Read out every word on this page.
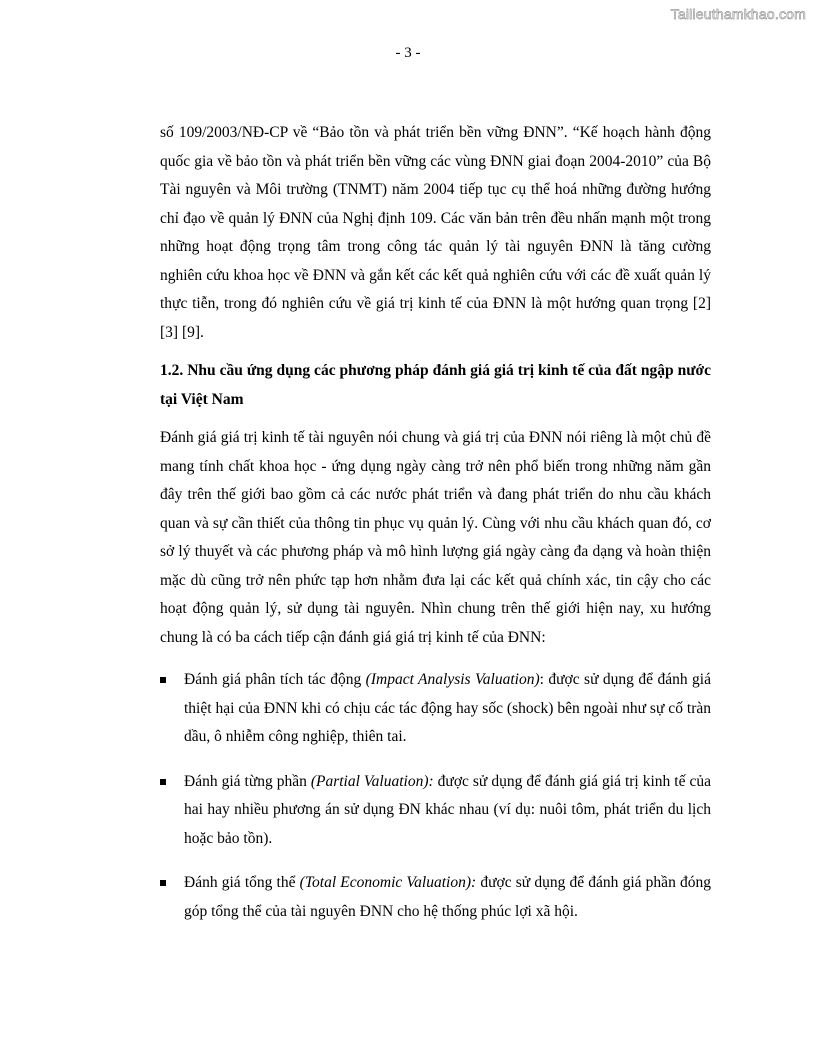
Tailieuthamkhao.com
- 3 -

số 109/2003/NĐ-CP về “Bảo tồn và phát triển bền vững ĐNN”. “Kế hoạch hành động quốc gia về bảo tồn và phát triển bền vững các vùng ĐNN giai đoạn 2004-2010” của Bộ Tài nguyên và Môi trường (TNMT) năm 2004 tiếp tục cụ thể hoá những đường hướng chỉ đạo về quản lý ĐNN của Nghị định 109. Các văn bản trên đều nhấn mạnh một trong những hoạt động trọng tâm trong công tác quản lý tài nguyên ĐNN là tăng cường nghiên cứu khoa học về ĐNN và gắn kết các kết quả nghiên cứu với các đề xuất quản lý thực tiễn, trong đó nghiên cứu về giá trị kinh tế của ĐNN là một hướng quan trọng [2] [3] [9].

1.2. Nhu cầu ứng dụng các phương pháp đánh giá giá trị kinh tế của đất ngập nước tại Việt Nam

Đánh giá giá trị kinh tế tài nguyên nói chung và giá trị của ĐNN nói riêng là một chủ đề mang tính chất khoa học - ứng dụng ngày càng trở nên phổ biến trong những năm gần đây trên thế giới bao gồm cả các nước phát triển và đang phát triển do nhu cầu khách quan và sự cần thiết của thông tin phục vụ quản lý. Cùng với nhu cầu khách quan đó, cơ sở lý thuyết và các phương pháp và mô hình lượng giá ngày càng đa dạng và hoàn thiện mặc dù cũng trở nên phức tạp hơn nhằm đưa lại các kết quả chính xác, tin cậy cho các hoạt động quản lý, sử dụng tài nguyên. Nhìn chung trên thế giới hiện nay, xu hướng chung là có ba cách tiếp cận đánh giá giá trị kinh tế của ĐNN:

Đánh giá phân tích tác động (Impact Analysis Valuation): được sử dụng để đánh giá thiệt hại của ĐNN khi có chịu các tác động hay sốc (shock) bên ngoài như sự cố tràn dầu, ô nhiễm công nghiệp, thiên tai.
Đánh giá từng phần (Partial Valuation): được sử dụng để đánh giá giá trị kinh tế của hai hay nhiều phương án sử dụng ĐN khác nhau (ví dụ: nuôi tôm, phát triển du lịch hoặc bảo tồn).
Đánh giá tổng thể (Total Economic Valuation): được sử dụng để đánh giá phần đóng góp tổng thể của tài nguyên ĐNN cho hệ thống phúc lợi xã hội.
